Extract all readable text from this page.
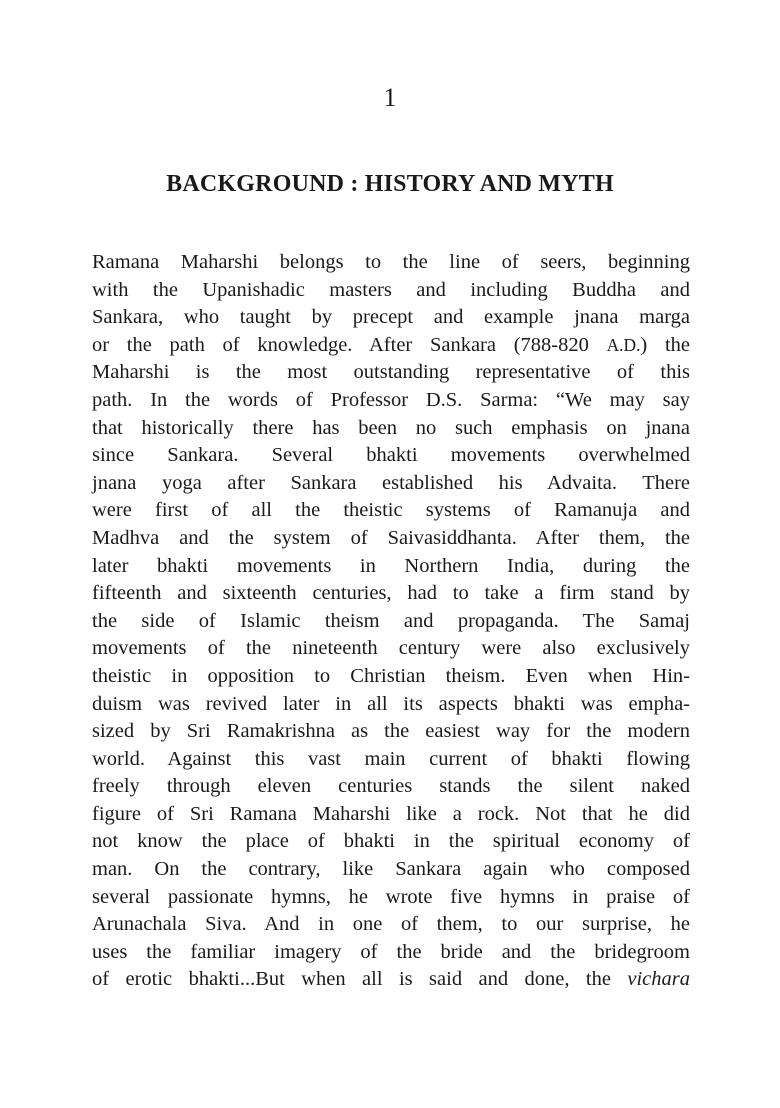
1
BACKGROUND : HISTORY AND MYTH
Ramana Maharshi belongs to the line of seers, beginning
with the Upanishadic masters and including Buddha and
Sankara, who taught by precept and example jnana marga
or the path of knowledge. After Sankara (788-820 A.D.) the
Maharshi is the most outstanding representative of this
path. In the words of Professor D.S. Sarma: “We may say
that historically there has been no such emphasis on jnana
since Sankara. Several bhakti movements overwhelmed
jnana yoga after Sankara established his Advaita. There
were first of all the theistic systems of Ramanuja and
Madhva and the system of Saivasiddhanta. After them, the
later bhakti movements in Northern India, during the
fifteenth and sixteenth centuries, had to take a firm stand by
the side of Islamic theism and propaganda. The Samaj
movements of the nineteenth century were also exclusively
theistic in opposition to Christian theism. Even when Hin-
duism was revived later in all its aspects bhakti was empha-
sized by Sri Ramakrishna as the easiest way for the modern
world. Against this vast main current of bhakti flowing
freely through eleven centuries stands the silent naked
figure of Sri Ramana Maharshi like a rock. Not that he did
not know the place of bhakti in the spiritual economy of
man. On the contrary, like Sankara again who composed
several passionate hymns, he wrote five hymns in praise of
Arunachala Siva. And in one of them, to our surprise, he
uses the familiar imagery of the bride and the bridegroom
of erotic bhakti...But when all is said and done, the vichara
